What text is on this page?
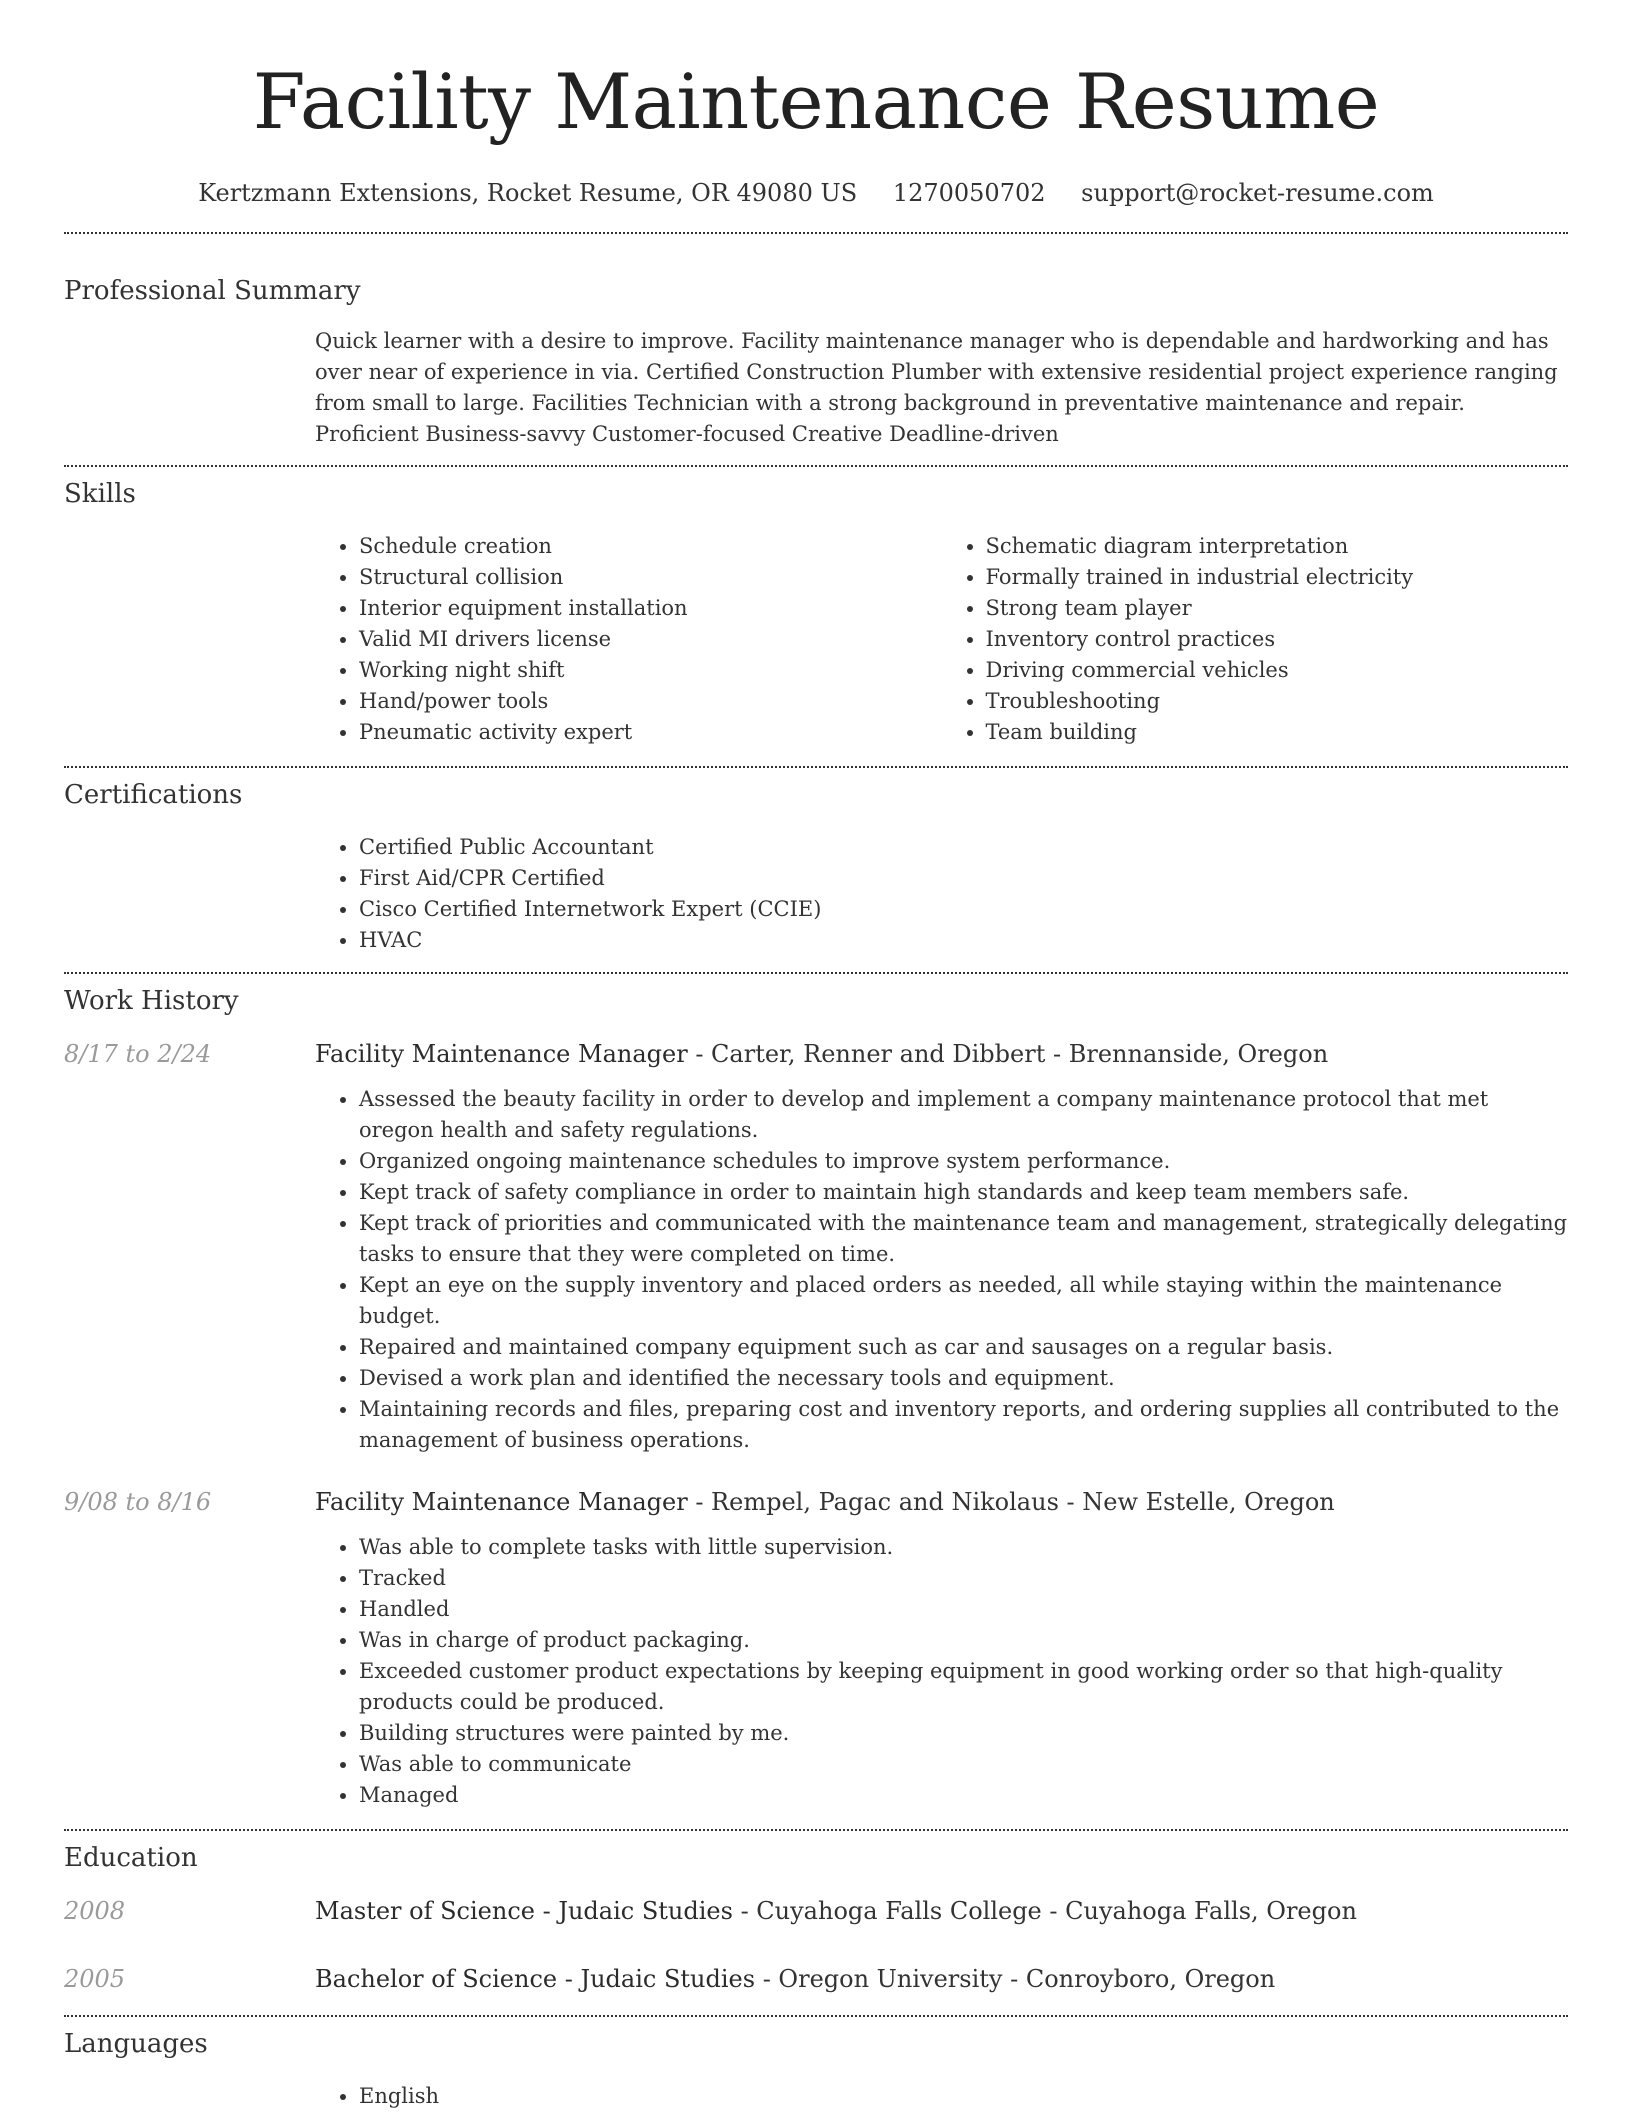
Facility Maintenance Resume
Kertzmann Extensions, Rocket Resume, OR 49080 US 1270050702 support@rocket-resume.com
Professional Summary

Quick learner with a desire to improve. Facility maintenance manager who is dependable and hardworking and has over near of experience in via. Certified Construction Plumber with extensive residential project experience ranging from small to large. Facilities Technician with a strong background in preventative maintenance and repair. Proficient Business-savvy Customer-focused Creative Deadline-driven

Skills
• Schedule creation
• Structural collision
• Interior equipment installation
• Valid MI drivers license
• Working night shift
• Hand/power tools
• Pneumatic activity expert
• Schematic diagram interpretation
• Formally trained in industrial electricity
• Strong team player
• Inventory control practices
• Driving commercial vehicles
• Troubleshooting
• Team building
Certifications
• Certified Public Accountant
• First Aid/CPR Certified
• Cisco Certified Internetwork Expert (CCIE)
• HVAC
Work History
8/17 to 2/24	Facility Maintenance Manager - Carter, Renner and Dibbert - Brennanside, Oregon
• Assessed the beauty facility in order to develop and implement a company maintenance protocol that met oregon health and safety regulations.
• Organized ongoing maintenance schedules to improve system performance.
• Kept track of safety compliance in order to maintain high standards and keep team members safe.
• Kept track of priorities and communicated with the maintenance team and management, strategically delegating tasks to ensure that they were completed on time.
• Kept an eye on the supply inventory and placed orders as needed, all while staying within the maintenance budget.
• Repaired and maintained company equipment such as car and sausages on a regular basis.
• Devised a work plan and identified the necessary tools and equipment.
• Maintaining records and files, preparing cost and inventory reports, and ordering supplies all contributed to the management of business operations.
9/08 to 8/16	Facility Maintenance Manager - Rempel, Pagac and Nikolaus - New Estelle, Oregon
• Was able to complete tasks with little supervision.
• Tracked
• Handled
• Was in charge of product packaging.
• Exceeded customer product expectations by keeping equipment in good working order so that high-quality products could be produced.
• Building structures were painted by me.
• Was able to communicate
• Managed
Education
2008	Master of Science - Judaic Studies - Cuyahoga Falls College - Cuyahoga Falls, Oregon
2005	Bachelor of Science - Judaic Studies - Oregon University - Conroyboro, Oregon
Languages
• English
